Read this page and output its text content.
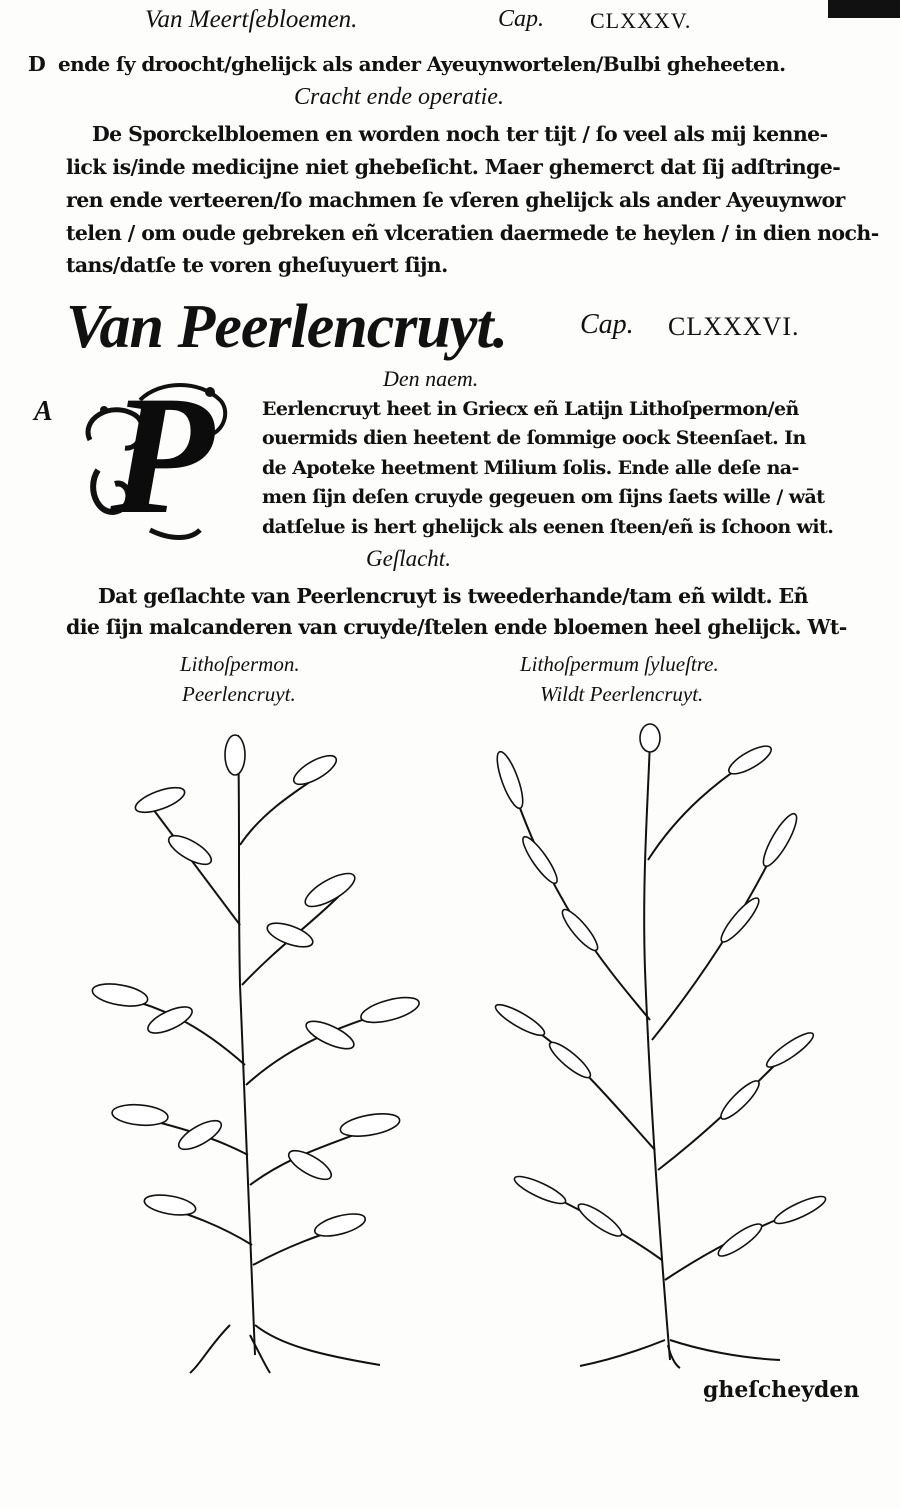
Van Meertſebloemen.	Cap. CLXXXV.
D ende ſy droocht/ghelijck als ander Ayeuynwortelen/Bulbi gheheeten.
Cracht ende operatie.
De Sporckelbloemen en worden noch ter tijt / ſo veel als mij kenne-
lick is/inde medicijne niet ghebeſicht. Maer ghemerct dat ſij adſtringe-
ren ende verteeren/ſo machmen ſe vſeren ghelijck als ander Ayeuynwor
telen / om oude gebreken eñ vlceratien daermede te heylen / in dien noch-
tans/datſe te voren gheſuyuert ſijn.
Van Peerlencruyt.	Cap. CLXXXVI.
Den naem.
A P	Eerlencruyt heet in Griecx eñ Latijn Lithoſpermon/eñ
ouermids dien heetent de ſommige oock Steenſaet. In
de Apoteke heetment Milium ſolis. Ende alle deſe na-
men ſijn deſen cruyde gegeuen om ſijns ſaets wille / wāt
datſelue is hert ghelijck als eenen ſteen/eñ is ſchoon wit.
Geſlacht.
Dat geſlachte van Peerlencruyt is tweederhande/tam eñ wildt. Eñ
die ſijn malcanderen van cruyde/ſtelen ende bloemen heel ghelijck. Wt-
Lithoſpermon.
Peerlencruyt.
Lithoſpermum ſylueſtre.
Wildt Peerlencruyt.
gheſcheyden
